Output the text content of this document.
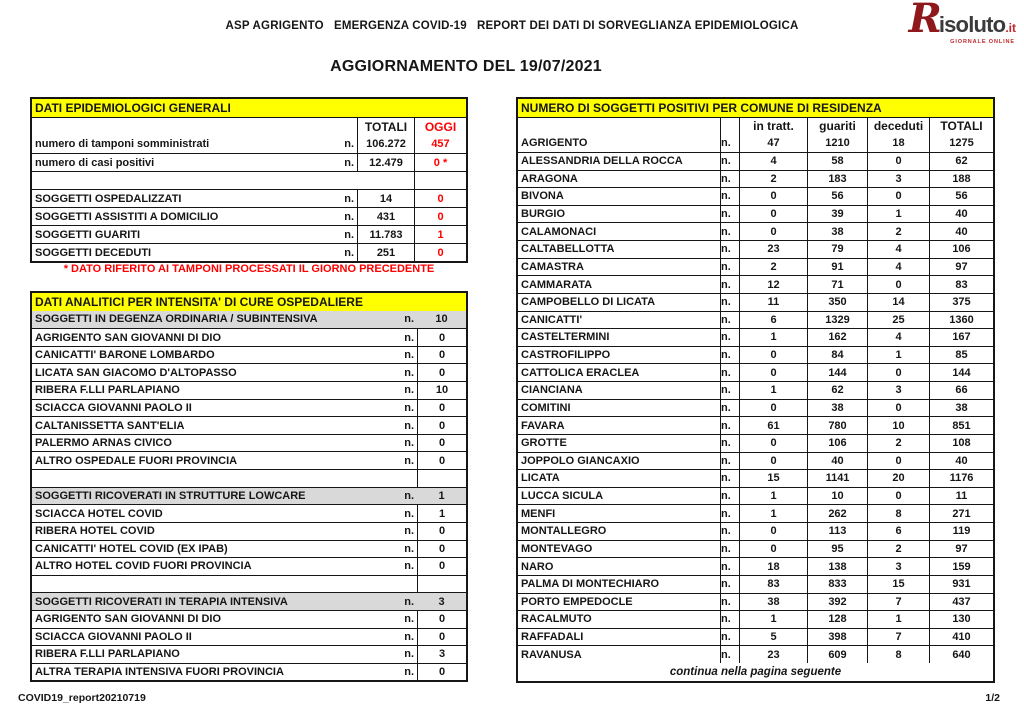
ASP AGRIGENTO   EMERGENZA COVID-19   REPORT DEI DATI DI SORVEGLIANZA EPIDEMIOLOGICA	R
isoluto .it
GIORNALE ONLINE
AGGIORNAMENTO DEL 19/07/2021
DATI EPIDEMIOLOGICI GENERALI
TOTALI	OGGI
numero di tamponi somministrati	n.	106.272	457
numero di casi positivi	n.	12.479	0 *
SOGGETTI OSPEDALIZZATI	n.	14	0
SOGGETTI ASSISTITI A DOMICILIO	n.	431	0
SOGGETTI GUARITI	n.	11.783	1
SOGGETTI DECEDUTI	n.	251	0
* DATO RIFERITO AI TAMPONI PROCESSATI IL GIORNO PRECEDENTE
DATI ANALITICI PER INTENSITA' DI CURE OSPEDALIERE
SOGGETTI IN DEGENZA ORDINARIA / SUBINTENSIVA	n.	10
AGRIGENTO SAN GIOVANNI DI DIO	n.	0
CANICATTI' BARONE LOMBARDO	n.	0
LICATA SAN GIACOMO D'ALTOPASSO	n.	0
RIBERA F.LLI PARLAPIANO	n.	10
SCIACCA GIOVANNI PAOLO II	n.	0
CALTANISSETTA SANT'ELIA	n.	0
PALERMO ARNAS CIVICO	n.	0
ALTRO OSPEDALE FUORI PROVINCIA	n.	0
SOGGETTI RICOVERATI IN STRUTTURE LOWCARE	n.	1
SCIACCA HOTEL COVID	n.	1
RIBERA HOTEL COVID	n.	0
CANICATTI' HOTEL COVID (EX IPAB)	n.	0
ALTRO HOTEL COVID FUORI PROVINCIA	n.	0
SOGGETTI RICOVERATI IN TERAPIA INTENSIVA	n.	3
AGRIGENTO SAN GIOVANNI DI DIO	n.	0
SCIACCA GIOVANNI PAOLO II	n.	0
RIBERA F.LLI PARLAPIANO	n.	3
ALTRA TERAPIA INTENSIVA FUORI PROVINCIA	n.	0
NUMERO DI SOGGETTI POSITIVI PER COMUNE DI RESIDENZA
in tratt.	guariti	deceduti	TOTALI
AGRIGENTO	n.	47	1210	18	1275
ALESSANDRIA DELLA ROCCA	n.	4	58	0	62
ARAGONA	n.	2	183	3	188
BIVONA	n.	0	56	0	56
BURGIO	n.	0	39	1	40
CALAMONACI	n.	0	38	2	40
CALTABELLOTTA	n.	23	79	4	106
CAMASTRA	n.	2	91	4	97
CAMMARATA	n.	12	71	0	83
CAMPOBELLO DI LICATA	n.	11	350	14	375
CANICATTI'	n.	6	1329	25	1360
CASTELTERMINI	n.	1	162	4	167
CASTROFILIPPO	n.	0	84	1	85
CATTOLICA ERACLEA	n.	0	144	0	144
CIANCIANA	n.	1	62	3	66
COMITINI	n.	0	38	0	38
FAVARA	n.	61	780	10	851
GROTTE	n.	0	106	2	108
JOPPOLO GIANCAXIO	n.	0	40	0	40
LICATA	n.	15	1141	20	1176
LUCCA SICULA	n.	1	10	0	11
MENFI	n.	1	262	8	271
MONTALLEGRO	n.	0	113	6	119
MONTEVAGO	n.	0	95	2	97
NARO	n.	18	138	3	159
PALMA DI MONTECHIARO	n.	83	833	15	931
PORTO EMPEDOCLE	n.	38	392	7	437
RACALMUTO	n.	1	128	1	130
RAFFADALI	n.	5	398	7	410
RAVANUSA	n.	23	609	8	640
continua nella pagina seguente
COVID19_report20210719	1/2
